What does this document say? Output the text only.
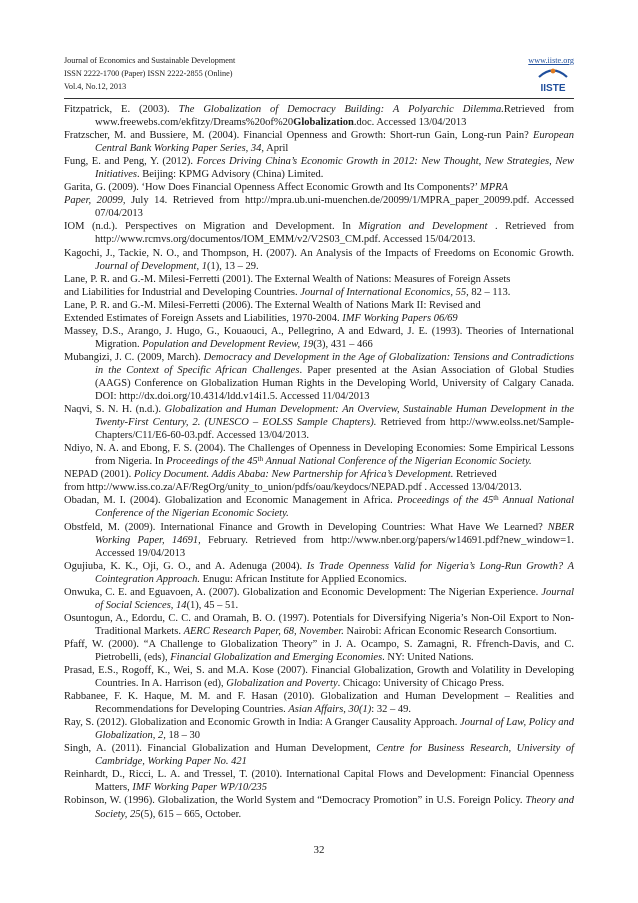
Journal of Economics and Sustainable Development	www.iiste.org
ISSN 2222-1700 (Paper) ISSN 2222-2855 (Online)
Vol.4, No.12, 2013	IISTE
Fitzpatrick, E. (2003). The Globalization of Democracy Building: A Polyarchic Dilemma.Retrieved from www.freewebs.com/ekfitzy/Dreams%20of%20Globalization.doc. Accessed 13/04/2013
Fratzscher, M. and Bussiere, M. (2004). Financial Openness and Growth: Short-run Gain, Long-run Pain? European Central Bank Working Paper Series, 34, April
Fung, E. and Peng, Y. (2012). Forces Driving China’s Economic Growth in 2012: New Thought, New Strategies, New Initiatives. Beijing: KPMG Advisory (China) Limited.
Garita, G. (2009). ‘How Does Financial Openness Affect Economic Growth and Its Components?’ MPRA
Paper, 20099, July 14. Retrieved from http://mpra.ub.uni-muenchen.de/20099/1/MPRA_paper_20099.pdf. Accessed 07/04/2013
IOM (n.d.). Perspectives on Migration and Development. In Migration and Development . Retrieved from http://www.rcmvs.org/documentos/IOM_EMM/v2/V2S03_CM.pdf. Accessed 15/04/2013.
Kagochi, J., Tackie, N. O., and Thompson, H. (2007). An Analysis of the Impacts of Freedoms on Economic Growth. Journal of Development, 1(1), 13 – 29.
Lane, P. R. and G.-M. Milesi-Ferretti (2001). The External Wealth of Nations: Measures of Foreign Assets
and Liabilities for Industrial and Developing Countries. Journal of International Economics, 55, 82 – 113.
Lane, P. R. and G.-M. Milesi-Ferretti (2006). The External Wealth of Nations Mark II: Revised and
Extended Estimates of Foreign Assets and Liabilities, 1970-2004. IMF Working Papers 06/69
Massey, D.S., Arango, J. Hugo, G., Kouaouci, A., Pellegrino, A and Edward, J. E. (1993). Theories of International Migration. Population and Development Review, 19(3), 431 – 466
Mubangizi, J. C. (2009, March). Democracy and Development in the Age of Globalization: Tensions and Contradictions in the Context of Specific African Challenges. Paper presented at the Asian Association of Global Studies (AAGS) Conference on Globalization Human Rights in the Developing World, University of Calgary Canada. DOI: http://dx.doi.org/10.4314/ldd.v14i1.5. Accessed 11/04/2013
Naqvi, S. N. H. (n.d.). Globalization and Human Development: An Overview, Sustainable Human Development in the Twenty-First Century, 2. (UNESCO – EOLSS Sample Chapters). Retrieved from http://www.eolss.net/Sample-Chapters/C11/E6-60-03.pdf. Accessed 13/04/2013.
Ndiyo, N. A. and Ebong, F. S. (2004). The Challenges of Openness in Developing Economies: Some Empirical Lessons from Nigeria. In Proceedings of the 45th Annual National Conference of the Nigerian Economic Society.
NEPAD (2001). Policy Document. Addis Ababa: New Partnership for Africa’s Development. Retrieved
from http://www.iss.co.za/AF/RegOrg/unity_to_union/pdfs/oau/keydocs/NEPAD.pdf . Accessed 13/04/2013.
Obadan, M. I. (2004). Globalization and Economic Management in Africa. Proceedings of the 45th Annual National Conference of the Nigerian Economic Society.
Obstfeld, M. (2009). International Finance and Growth in Developing Countries: What Have We Learned? NBER Working Paper, 14691, February. Retrieved from http://www.nber.org/papers/w14691.pdf?new_window=1. Accessed 19/04/2013
Ogujiuba, K. K., Oji, G. O., and A. Adenuga (2004). Is Trade Openness Valid for Nigeria’s Long-Run Growth? A Cointegration Approach. Enugu: African Institute for Applied Economics.
Onwuka, C. E. and Eguavoen, A. (2007). Globalization and Economic Development: The Nigerian Experience. Journal of Social Sciences, 14(1), 45 – 51.
Osuntogun, A., Edordu, C. C. and Oramah, B. O. (1997). Potentials for Diversifying Nigeria’s Non-Oil Export to Non-Traditional Markets. AERC Research Paper, 68, November. Nairobi: African Economic Research Consortium.
Pfaff, W. (2000). “A Challenge to Globalization Theory” in J. A. Ocampo, S. Zamagni, R. Ffrench-Davis, and C. Pietrobelli, (eds), Financial Globalization and Emerging Economies. NY: United Nations.
Prasad, E.S., Rogoff, K., Wei, S. and M.A. Kose (2007). Financial Globalization, Growth and Volatility in Developing Countries. In A. Harrison (ed), Globalization and Poverty. Chicago: University of Chicago Press.
Rabbanee, F. K. Haque, M. M. and F. Hasan (2010). Globalization and Human Development – Realities and Recommendations for Developing Countries. Asian Affairs, 30(1): 32 – 49.
Ray, S. (2012). Globalization and Economic Growth in India: A Granger Causality Approach. Journal of Law, Policy and Globalization, 2, 18 – 30
Singh, A. (2011). Financial Globalization and Human Development, Centre for Business Research, University of Cambridge, Working Paper No. 421
Reinhardt, D., Ricci, L. A. and Tressel, T. (2010). International Capital Flows and Development: Financial Openness Matters, IMF Working Paper WP/10/235
Robinson, W. (1996). Globalization, the World System and “Democracy Promotion” in U.S. Foreign Policy. Theory and Society, 25(5), 615 – 665, October.
32
